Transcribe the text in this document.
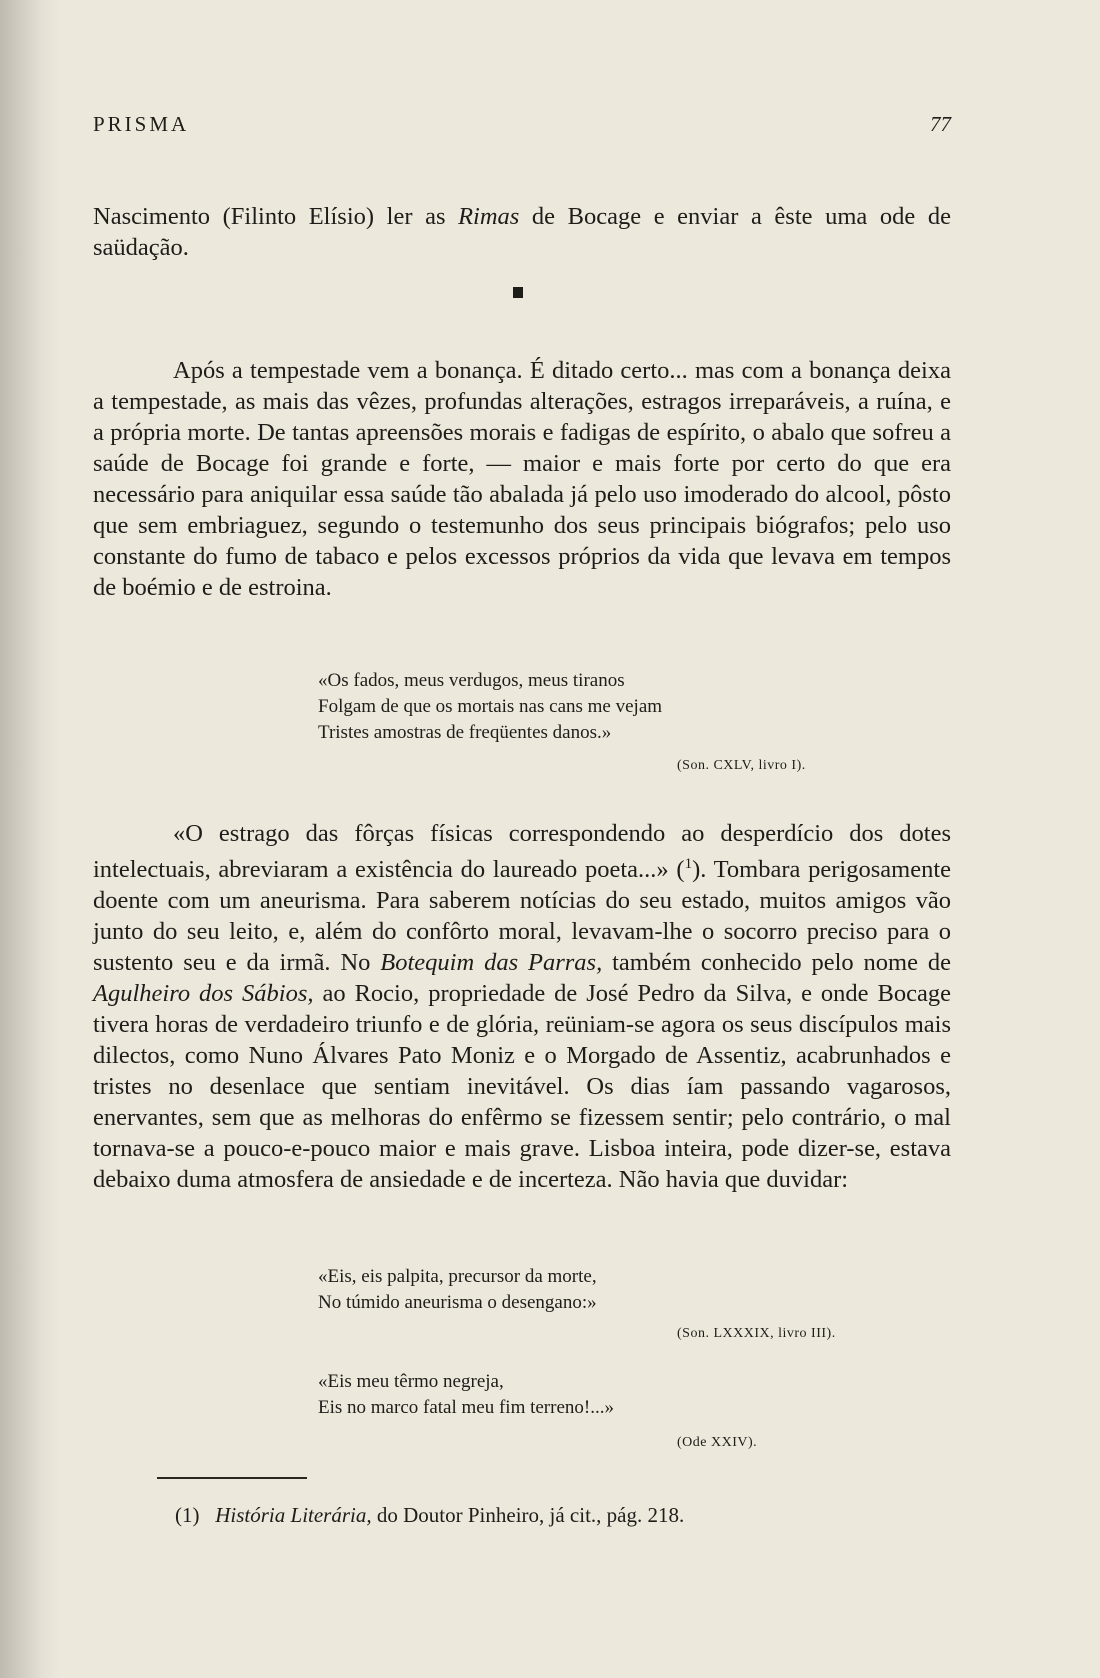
PRISMA	77

Nascimento (Filinto Elísio) ler as Rimas de Bocage e enviar a êste uma ode de saüdação.

Após a tempestade vem a bonança. É ditado certo... mas com a bonança deixa a tempestade, as mais das vêzes, profundas alterações, estragos irreparáveis, a ruína, e a própria morte. De tantas apreensões morais e fadigas de espírito, o abalo que sofreu a saúde de Bocage foi grande e forte, — maior e mais forte por certo do que era necessário para aniquilar essa saúde tão abalada já pelo uso imoderado do alcool, pôsto que sem embriaguez, segundo o testemunho dos seus principais biógrafos; pelo uso constante do fumo de tabaco e pelos excessos próprios da vida que levava em tempos de boémio e de estroina.

«Os fados, meus verdugos, meus tiranos
Folgam de que os mortais nas cans me vejam
Tristes amostras de freqüentes danos.»
(Son. CXLV, livro I).

«O estrago das fôrças físicas correspondendo ao desperdício dos dotes intelectuais, abreviaram a existência do laureado poeta...» ($^1$). Tombara perigosamente doente com um aneurisma. Para saberem notícias do seu estado, muitos amigos vão junto do seu leito, e, além do confôrto moral, levavam-lhe o socorro preciso para o sustento seu e da irmã. No Botequim das Parras, também conhecido pelo nome de Agulheiro dos Sábios, ao Rocio, propriedade de José Pedro da Silva, e onde Bocage tivera horas de verdadeiro triunfo e de glória, reüniam-se agora os seus discípulos mais dilectos, como Nuno Álvares Pato Moniz e o Morgado de Assentiz, acabrunhados e tristes no desenlace que sentiam inevitável. Os dias íam passando vagarosos, enervantes, sem que as melhoras do enfêrmo se fizessem sentir; pelo contrário, o mal tornava-se a pouco-e-pouco maior e mais grave. Lisboa inteira, pode dizer-se, estava debaixo duma atmosfera de ansiedade e de incerteza. Não havia que duvidar:

«Eis, eis palpita, precursor da morte,
No túmido aneurisma o desengano:»
(Son. LXXXIX, livro III).
«Eis meu têrmo negreja,
Eis no marco fatal meu fim terreno!...»
(Ode XXIV).
(1) História Literária, do Doutor Pinheiro, já cit., pág. 218.
